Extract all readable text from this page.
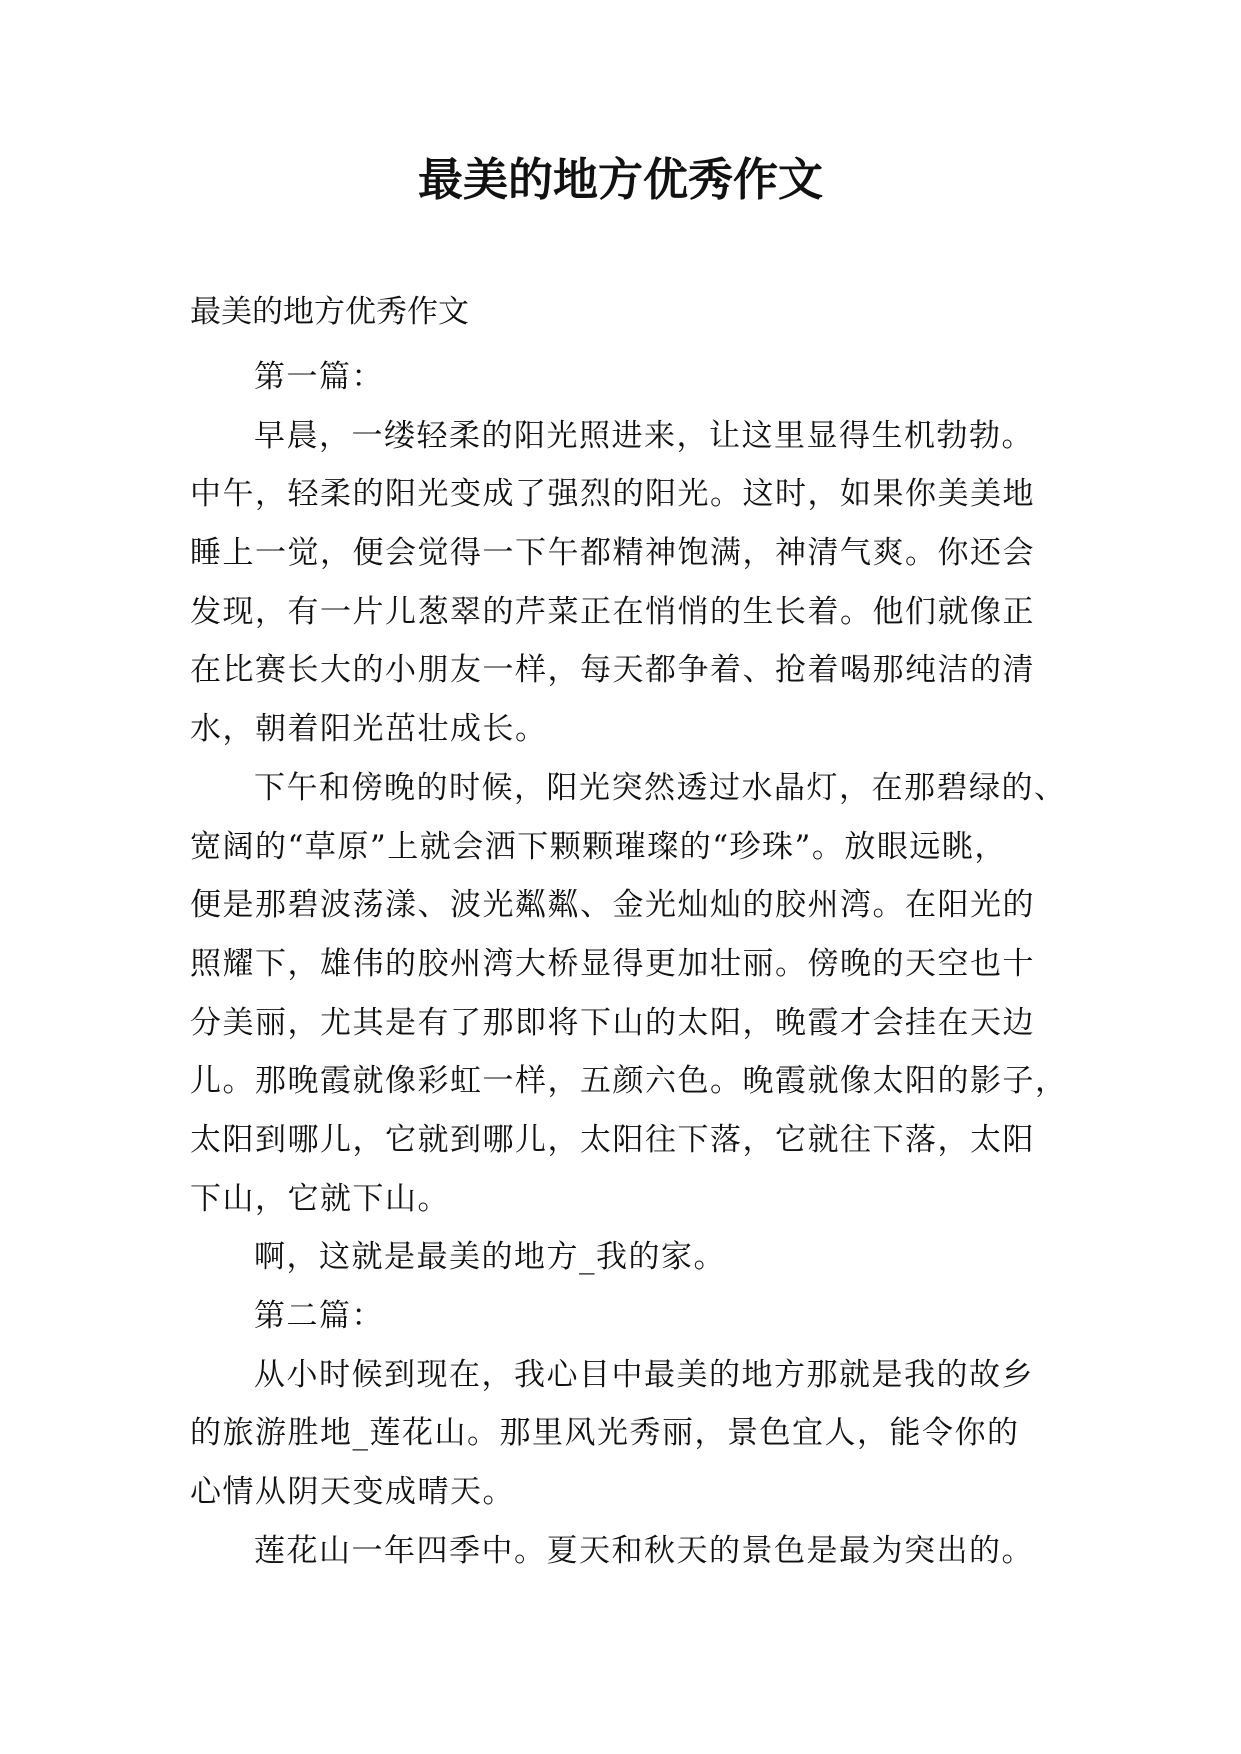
最美的地方优秀作文

最美的地方优秀作文

第一篇：
早晨，一缕轻柔的阳光照进来，让这里显得生机勃勃。
中午，轻柔的阳光变成了强烈的阳光。这时，如果你美美地
睡上一觉，便会觉得一下午都精神饱满，神清气爽。你还会
发现，有一片儿葱翠的芹菜正在悄悄的生长着。他们就像正
在比赛长大的小朋友一样，每天都争着、抢着喝那纯洁的清
水，朝着阳光茁壮成长。
下午和傍晚的时候，阳光突然透过水晶灯，在那碧绿的、
宽阔的“草原”上就会洒下颗颗璀璨的“珍珠”。放眼远眺，
便是那碧波荡漾、波光粼粼、金光灿灿的胶州湾。在阳光的
照耀下，雄伟的胶州湾大桥显得更加壮丽。傍晚的天空也十
分美丽，尤其是有了那即将下山的太阳，晚霞才会挂在天边
儿。那晚霞就像彩虹一样，五颜六色。晚霞就像太阳的影子，
太阳到哪儿，它就到哪儿，太阳往下落，它就往下落，太阳
下山，它就下山。
啊，这就是最美的地方_我的家。
第二篇：
从小时候到现在，我心目中最美的地方那就是我的故乡
的旅游胜地_莲花山。那里风光秀丽，景色宜人，能令你的
心情从阴天变成晴天。
莲花山一年四季中。夏天和秋天的景色是最为突出的。
